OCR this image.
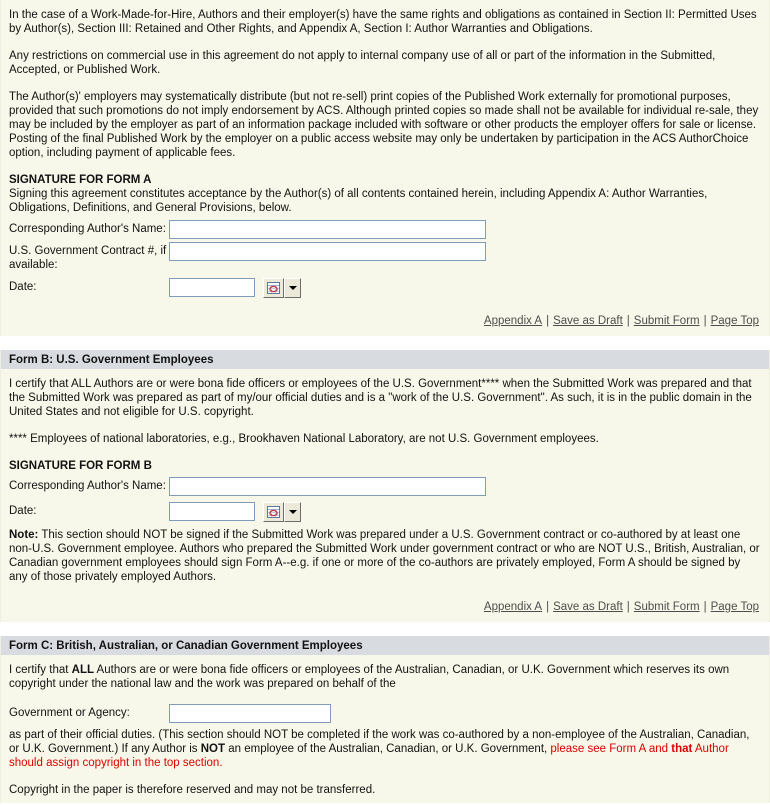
In the case of a Work-Made-for-Hire, Authors and their employer(s) have the same rights and obligations as contained in Section II: Permitted Uses by Author(s), Section III: Retained and Other Rights, and Appendix A, Section I: Author Warranties and Obligations.

Any restrictions on commercial use in this agreement do not apply to internal company use of all or part of the information in the Submitted, Accepted, or Published Work.

The Author(s)' employers may systematically distribute (but not re-sell) print copies of the Published Work externally for promotional purposes, provided that such promotions do not imply endorsement by ACS. Although printed copies so made shall not be available for individual re-sale, they may be included by the employer as part of an information package included with software or other products the employer offers for sale or license. Posting of the final Published Work by the employer on a public access website may only be undertaken by participation in the ACS AuthorChoice option, including payment of applicable fees.

SIGNATURE FOR FORM A

Signing this agreement constitutes acceptance by the Author(s) of all contents contained herein, including Appendix A: Author Warranties, Obligations, Definitions, and General Provisions, below.

Corresponding Author's Name:
U.S. Government Contract #, if available:
Date:
Appendix A | Save as Draft | Submit Form | Page Top
Form B: U.S. Government Employees

I certify that ALL Authors are or were bona fide officers or employees of the U.S. Government**** when the Submitted Work was prepared and that the Submitted Work was prepared as part of my/our official duties and is a "work of the U.S. Government". As such, it is in the public domain in the United States and not eligible for U.S. copyright.

**** Employees of national laboratories, e.g., Brookhaven National Laboratory, are not U.S. Government employees.

SIGNATURE FOR FORM B
Corresponding Author's Name:
Date:

Note: This section should NOT be signed if the Submitted Work was prepared under a U.S. Government contract or co-authored by at least one non-U.S. Government employee. Authors who prepared the Submitted Work under government contract or who are NOT U.S., British, Australian, or Canadian government employees should sign Form A--e.g. if one or more of the co-authors are privately employed, Form A should be signed by any of those privately employed Authors.

Appendix A | Save as Draft | Submit Form | Page Top
Form C: British, Australian, or Canadian Government Employees

I certify that ALL Authors are or were bona fide officers or employees of the Australian, Canadian, or U.K. Government which reserves its own copyright under the national law and the work was prepared on behalf of the

Government or Agency:

as part of their official duties. (This section should NOT be completed if the work was co-authored by a non-employee of the Australian, Canadian, or U.K. Government.) If any Author is NOT an employee of the Australian, Canadian, or U.K. Government, please see Form A and that Author should assign copyright in the top section.

Copyright in the paper is therefore reserved and may not be transferred.
